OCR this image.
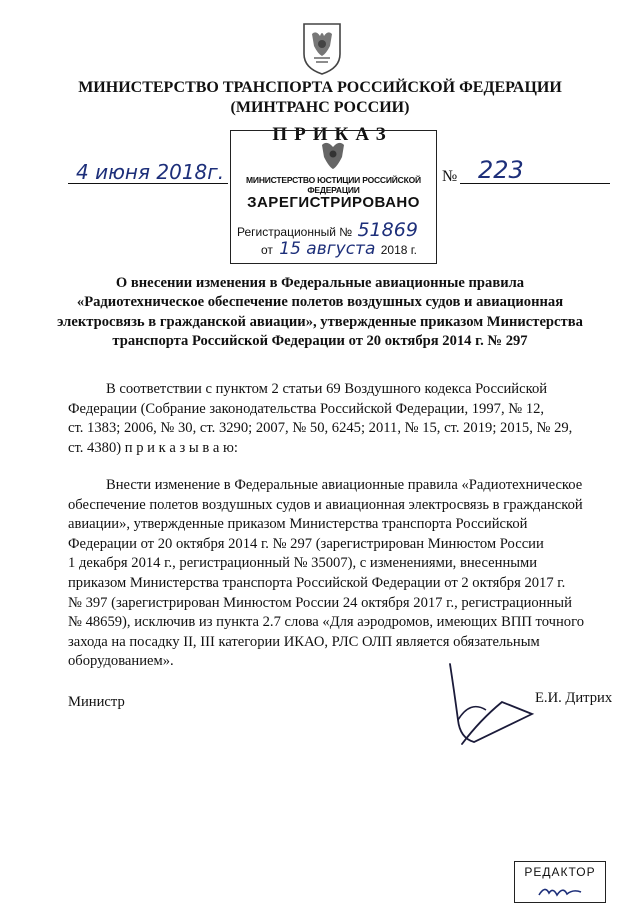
МИНИСТЕРСТВО ТРАНСПОРТА РОССИЙСКОЙ ФЕДЕРАЦИИ
(МИНТРАНС РОССИИ)
ПРИКАЗ
4 июня 2018г.	№ 223
МИНИСТЕРСТВО ЮСТИЦИИ РОССИЙСКОЙ ФЕДЕРАЦИИ
ЗАРЕГИСТРИРОВАНО
Регистрационный № 51869
от 15 августа 2018 г.
О внесении изменения в Федеральные авиационные правила
«Радиотехническое обеспечение полетов воздушных судов и авиационная
электросвязь в гражданской авиации», утвержденные приказом Министерства
транспорта Российской Федерации от 20 октября 2014 г. № 297
В соответствии с пунктом 2 статьи 69 Воздушного кодекса Российской
Федерации (Собрание законодательства Российской Федерации, 1997, № 12,
ст. 1383; 2006, № 30, ст. 3290; 2007, № 50, 6245; 2011, № 15, ст. 2019; 2015, № 29,
ст. 4380) п р и к а з ы в а ю:
Внести изменение в Федеральные авиационные правила «Радиотехническое
обеспечение полетов воздушных судов и авиационная электросвязь в гражданской
авиации», утвержденные приказом Министерства транспорта Российской
Федерации от 20 октября 2014 г. № 297 (зарегистрирован Минюстом России
1 декабря 2014 г., регистрационный № 35007), с изменениями, внесенными
приказом Министерства транспорта Российской Федерации от 2 октября 2017 г.
№ 397 (зарегистрирован Минюстом России 24 октября 2017 г., регистрационный
№ 48659), исключив из пункта 2.7 слова «Для аэродромов, имеющих ВПП точного
захода на посадку II, III категории ИКАО, РЛС ОЛП является обязательным
оборудованием».
Министр	Е.И. Дитрих
РЕДАКТОР
